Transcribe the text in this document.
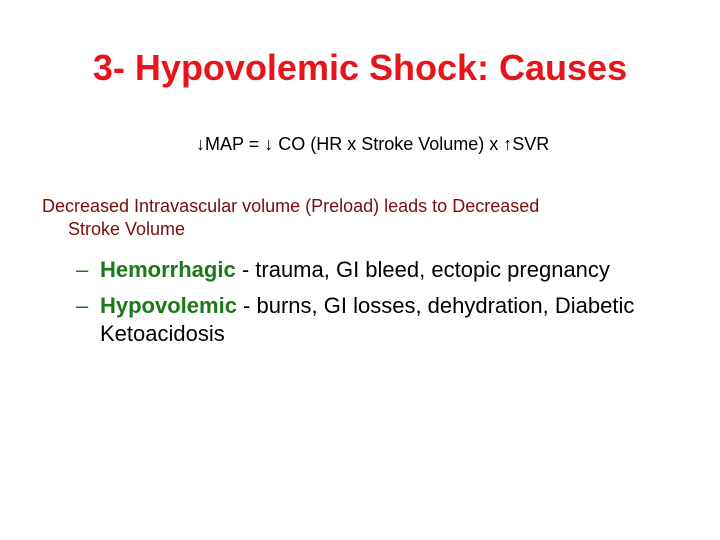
3- Hypovolemic Shock: Causes
↓MAP = ↓ CO (HR x Stroke Volume) x ↑SVR
Decreased Intravascular volume (Preload) leads to Decreased
Stroke Volume
– Hemorrhagic - trauma, GI bleed, ectopic pregnancy
– Hypovolemic - burns, GI losses, dehydration, Diabetic Ketoacidosis
